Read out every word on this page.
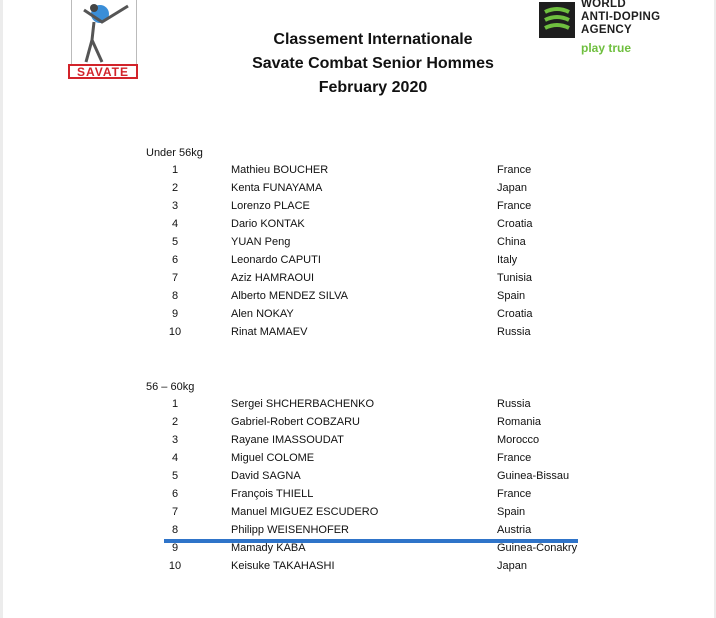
SAVATE
WORLD
ANTI-DOPING
AGENCY
play true
Classement Internationale
Savate Combat Senior Hommes
February 2020
Under 56kg
1	Mathieu BOUCHER	France
2	Kenta FUNAYAMA	Japan
3	Lorenzo PLACE	France
4	Dario KONTAK	Croatia
5	YUAN Peng	China
6	Leonardo CAPUTI	Italy
7	Aziz HAMRAOUI	Tunisia
8	Alberto MENDEZ SILVA	Spain
9	Alen NOKAY	Croatia
10	Rinat MAMAEV	Russia
56 – 60kg
1	Sergei SHCHERBACHENKO	Russia
2	Gabriel-Robert COBZARU	Romania
3	Rayane IMASSOUDAT	Morocco
4	Miguel COLOME	France
5	David SAGNA	Guinea-Bissau
6	François THIELL	France
7	Manuel MIGUEZ ESCUDERO	Spain
8	Philipp WEISENHOFER	Austria
9	Mamady KABA	Guinea-Conakry
10	Keisuke TAKAHASHI	Japan
